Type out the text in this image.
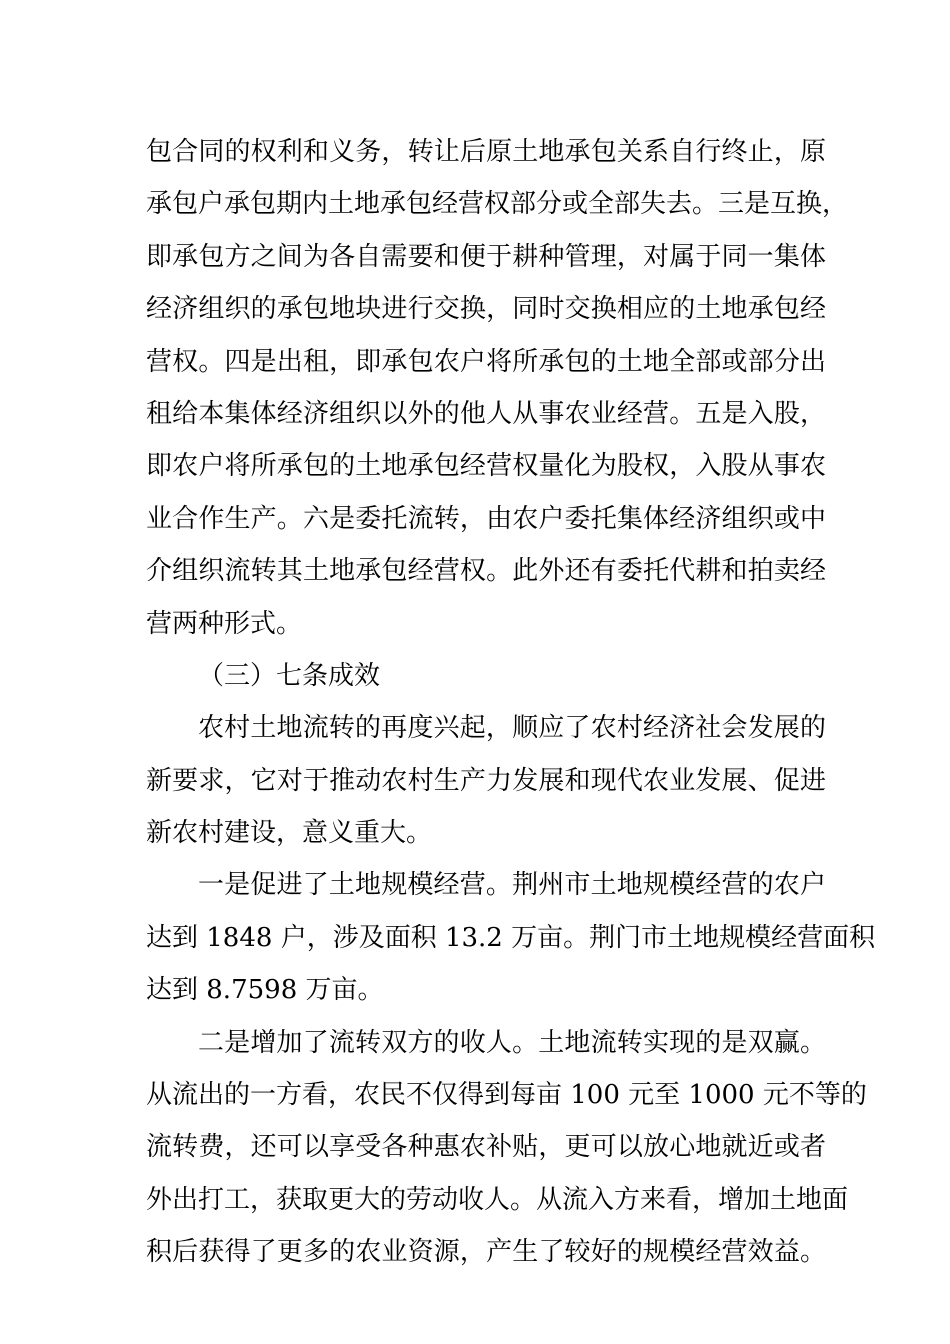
包合同的权利和义务，转让后原土地承包关系自行终止，原
承包户承包期内土地承包经营权部分或全部失去。三是互换，
即承包方之间为各自需要和便于耕种管理，对属于同一集体
经济组织的承包地块进行交换，同时交换相应的土地承包经
营权。四是出租，即承包农户将所承包的土地全部或部分出
租给本集体经济组织以外的他人从事农业经营。五是入股，
即农户将所承包的土地承包经营权量化为股权，入股从事农
业合作生产。六是委托流转，由农户委托集体经济组织或中
介组织流转其土地承包经营权。此外还有委托代耕和拍卖经
营两种形式。
（三）七条成效
农村土地流转的再度兴起，顺应了农村经济社会发展的
新要求，它对于推动农村生产力发展和现代农业发展、促进
新农村建设，意义重大。
一是促进了土地规模经营。荆州市土地规模经营的农户
达到 1848 户，涉及面积 13.2 万亩。荆门市土地规模经营面积
达到 8.7598 万亩。
二是增加了流转双方的收人。土地流转实现的是双赢。
从流出的一方看，农民不仅得到每亩 100 元至 1000 元不等的
流转费，还可以享受各种惠农补贴，更可以放心地就近或者
外出打工，获取更大的劳动收人。从流入方来看，增加土地面
积后获得了更多的农业资源，产生了较好的规模经营效益。
